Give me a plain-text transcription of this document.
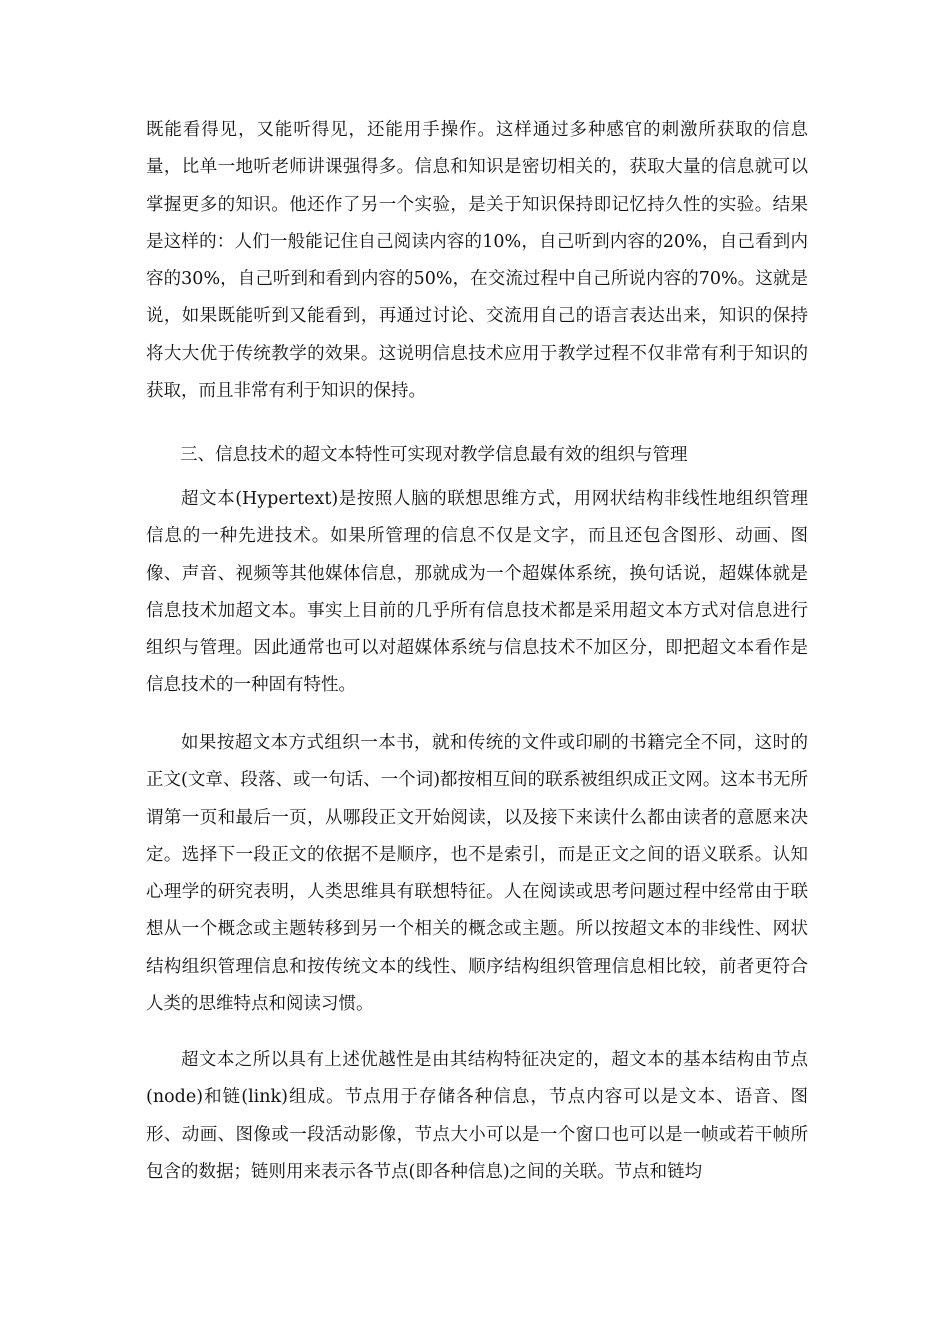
既能看得见，又能听得见，还能用手操作。这样通过多种感官的刺激所获取的信息量，比单一地听老师讲课强得多。信息和知识是密切相关的，获取大量的信息就可以掌握更多的知识。他还作了另一个实验，是关于知识保持即记忆持久性的实验。结果是这样的：人们一般能记住自己阅读内容的10%，自己听到内容的20%，自己看到内容的30%，自己听到和看到内容的50%，在交流过程中自己所说内容的70%。这就是说，如果既能听到又能看到，再通过讨论、交流用自己的语言表达出来，知识的保持将大大优于传统教学的效果。这说明信息技术应用于教学过程不仅非常有利于知识的获取，而且非常有利于知识的保持。

三、信息技术的超文本特性可实现对教学信息最有效的组织与管理

超文本(Hypertext)是按照人脑的联想思维方式，用网状结构非线性地组织管理信息的一种先进技术。如果所管理的信息不仅是文字，而且还包含图形、动画、图像、声音、视频等其他媒体信息，那就成为一个超媒体系统，换句话说，超媒体就是信息技术加超文本。事实上目前的几乎所有信息技术都是采用超文本方式对信息进行组织与管理。因此通常也可以对超媒体系统与信息技术不加区分，即把超文本看作是信息技术的一种固有特性。

如果按超文本方式组织一本书，就和传统的文件或印刷的书籍完全不同，这时的正文(文章、段落、或一句话、一个词)都按相互间的联系被组织成正文网。这本书无所谓第一页和最后一页，从哪段正文开始阅读，以及接下来读什么都由读者的意愿来决定。选择下一段正文的依据不是顺序，也不是索引，而是正文之间的语义联系。认知心理学的研究表明，人类思维具有联想特征。人在阅读或思考问题过程中经常由于联想从一个概念或主题转移到另一个相关的概念或主题。所以按超文本的非线性、网状结构组织管理信息和按传统文本的线性、顺序结构组织管理信息相比较，前者更符合人类的思维特点和阅读习惯。

超文本之所以具有上述优越性是由其结构特征决定的，超文本的基本结构由节点(node)和链(link)组成。节点用于存储各种信息，节点内容可以是文本、语音、图形、动画、图像或一段活动影像，节点大小可以是一个窗口也可以是一帧或若干帧所包含的数据；链则用来表示各节点(即各种信息)之间的关联。节点和链均
